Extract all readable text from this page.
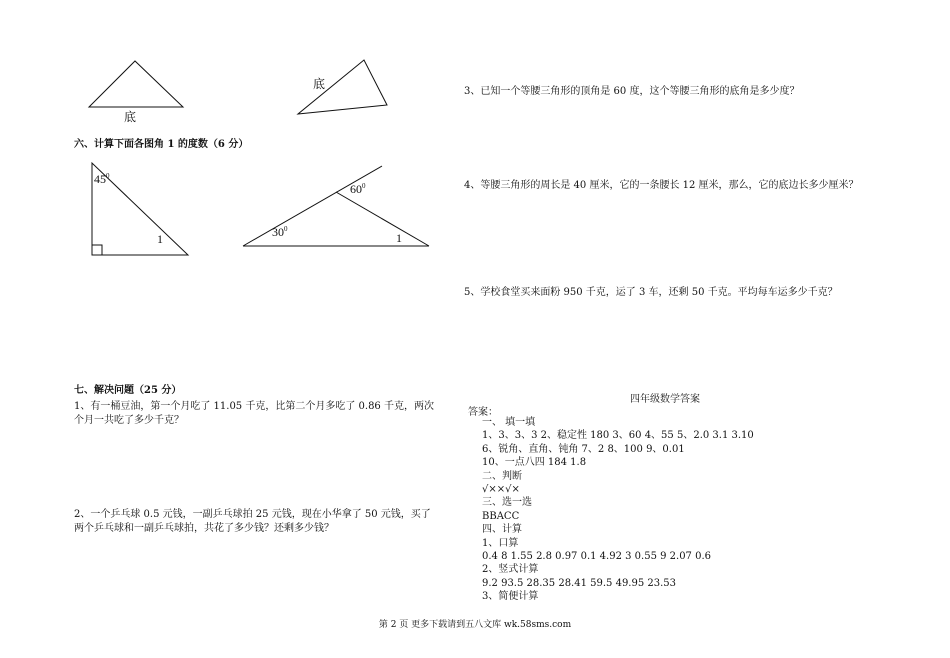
底
底
$45^0$
1
$60^0$
$30^0$
1
六、计算下面各图角 1 的度数（6 分）
七、解决问题（25 分）
1、有一桶豆油，第一个月吃了 11.05 千克，比第二个月多吃了 0.86 千克，两次个月一共吃了多少千克？
2、一个乒乓球 0.5 元钱，一副乒乓球拍 25 元钱，现在小华拿了 50 元钱，买了两个乒乓球和一副乒乓球拍，共花了多少钱？还剩多少钱？
3、已知一个等腰三角形的顶角是 60 度，这个等腰三角形的底角是多少度？
4、等腰三角形的周长是 40 厘米，它的一条腰长 12 厘米，那么，它的底边长多少厘米？
5、学校食堂买来面粉 950 千克，运了 3 车，还剩 50 千克。平均每车运多少千克？
四年级数学答案
答案：
一、 填一填
1、3、3、3 2、稳定性 180 3、60 4、55 5、2.0 3.1 3.10
6、锐角、直角、钝角 7、2 8、100 9、0.01
10、一点八四 184 1.8
二、判断
√××√×
三、选一选
BBACC
四、计算
1、口算
0.4 8 1.55 2.8 0.97 0.1 4.92 3 0.55 9 2.07 0.6
2、竖式计算
9.2 93.5 28.35 28.41 59.5 49.95 23.53
3、简便计算
第 2 页 更多下载请到五八文库 wk.58sms.com
